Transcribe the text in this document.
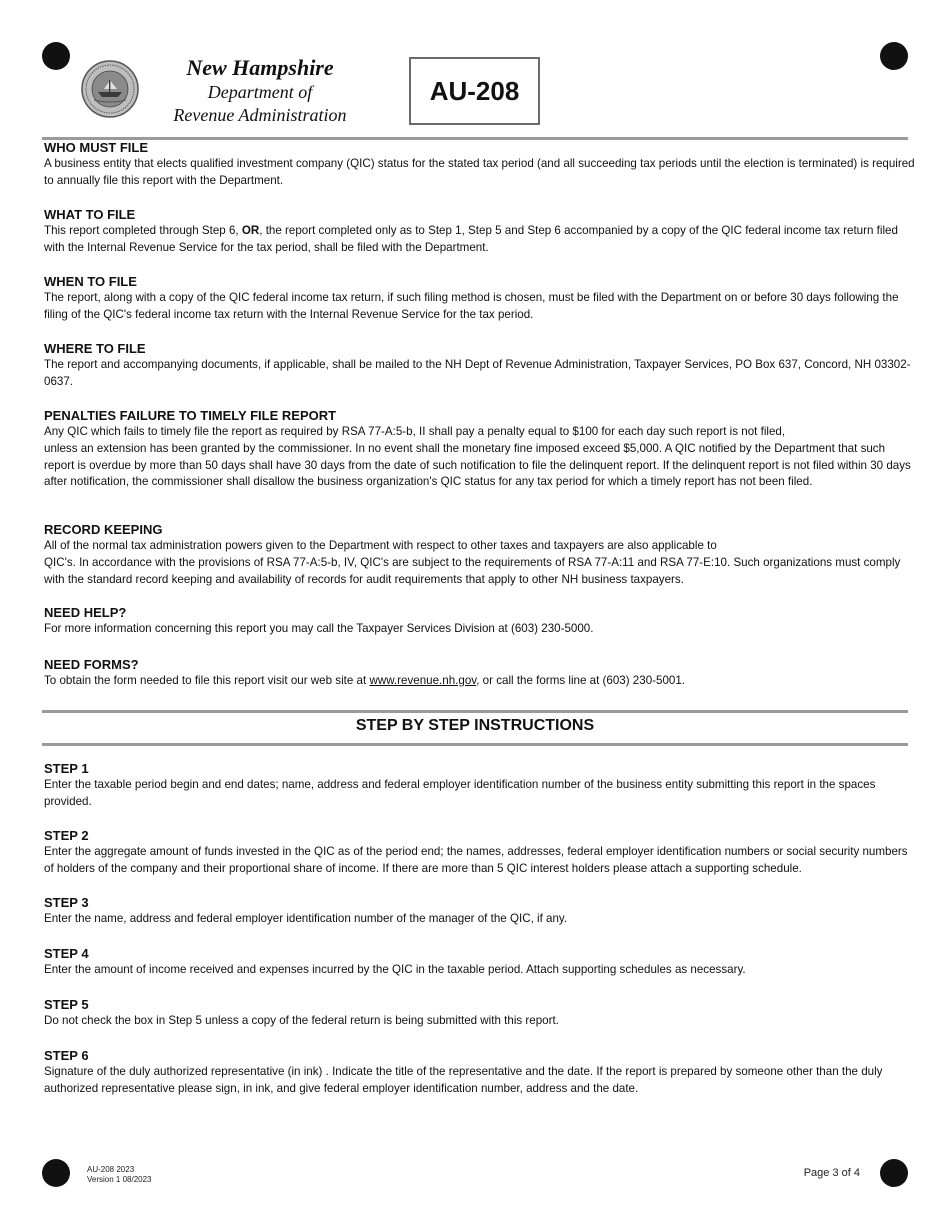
New Hampshire
Department of
Revenue Administration
AU-208
WHO MUST FILE

A business entity that elects qualified investment company (QIC) status for the stated tax period (and all succeeding tax periods until the election is terminated) is required to annually file this report with the Department.

WHAT TO FILE

This report completed through Step 6, OR, the report completed only as to Step 1, Step 5 and Step 6 accompanied by a copy of the QIC federal income tax return filed with the Internal Revenue Service for the tax period, shall be filed with the Department.

WHEN TO FILE

The report, along with a copy of the QIC federal income tax return, if such filing method is chosen, must be filed with the Department on or before 30 days following the filing of the QIC's federal income tax return with the Internal Revenue Service for the tax period.

WHERE TO FILE

The report and accompanying documents, if applicable, shall be mailed to the NH Dept of Revenue Administration, Taxpayer Services, PO Box 637, Concord, NH 03302-0637.

PENALTIES FAILURE TO TIMELY FILE REPORT

Any QIC which fails to timely file the report as required by RSA 77-A:5-b, II shall pay a penalty equal to $100 for each day such report is not filed,

unless an extension has been granted by the commissioner. In no event shall the monetary fine imposed exceed $5,000. A QIC notified by the Department that such report is overdue by more than 50 days shall have 30 days from the date of such notification to file the delinquent report. If the delinquent report is not filed within 30 days after notification, the commissioner shall disallow the business organization's QIC status for any tax period for which a timely report has not been filed.

RECORD KEEPING

All of the normal tax administration powers given to the Department with respect to other taxes and taxpayers are also applicable to

QIC's. In accordance with the provisions of RSA 77-A:5-b, IV, QIC's are subject to the requirements of RSA 77-A:11 and RSA 77-E:10. Such organizations must comply with the standard record keeping and availability of records for audit requirements that apply to other NH business taxpayers.

NEED HELP?

For more information concerning this report you may call the Taxpayer Services Division at (603) 230-5000.

NEED FORMS?

To obtain the form needed to file this report visit our web site at www.revenue.nh.gov, or call the forms line at (603) 230-5001.

STEP BY STEP INSTRUCTIONS
STEP 1

Enter the taxable period begin and end dates; name, address and federal employer identification number of the business entity submitting this report in the spaces provided.

STEP 2

Enter the aggregate amount of funds invested in the QIC as of the period end; the names, addresses, federal employer identification numbers or social security numbers of holders of the company and their proportional share of income. If there are more than 5 QIC interest holders please attach a supporting schedule.

STEP 3

Enter the name, address and federal employer identification number of the manager of the QIC, if any.

STEP 4

Enter the amount of income received and expenses incurred by the QIC in the taxable period. Attach supporting schedules as necessary.

STEP 5

Do not check the box in Step 5 unless a copy of the federal return is being submitted with this report.

STEP 6

Signature of the duly authorized representative (in ink) . Indicate the title of the representative and the date. If the report is prepared by someone other than the duly authorized representative please sign, in ink, and give federal employer identification number, address and the date.

AU-208 2023
Version 1 08/2023
Page 3 of 4
